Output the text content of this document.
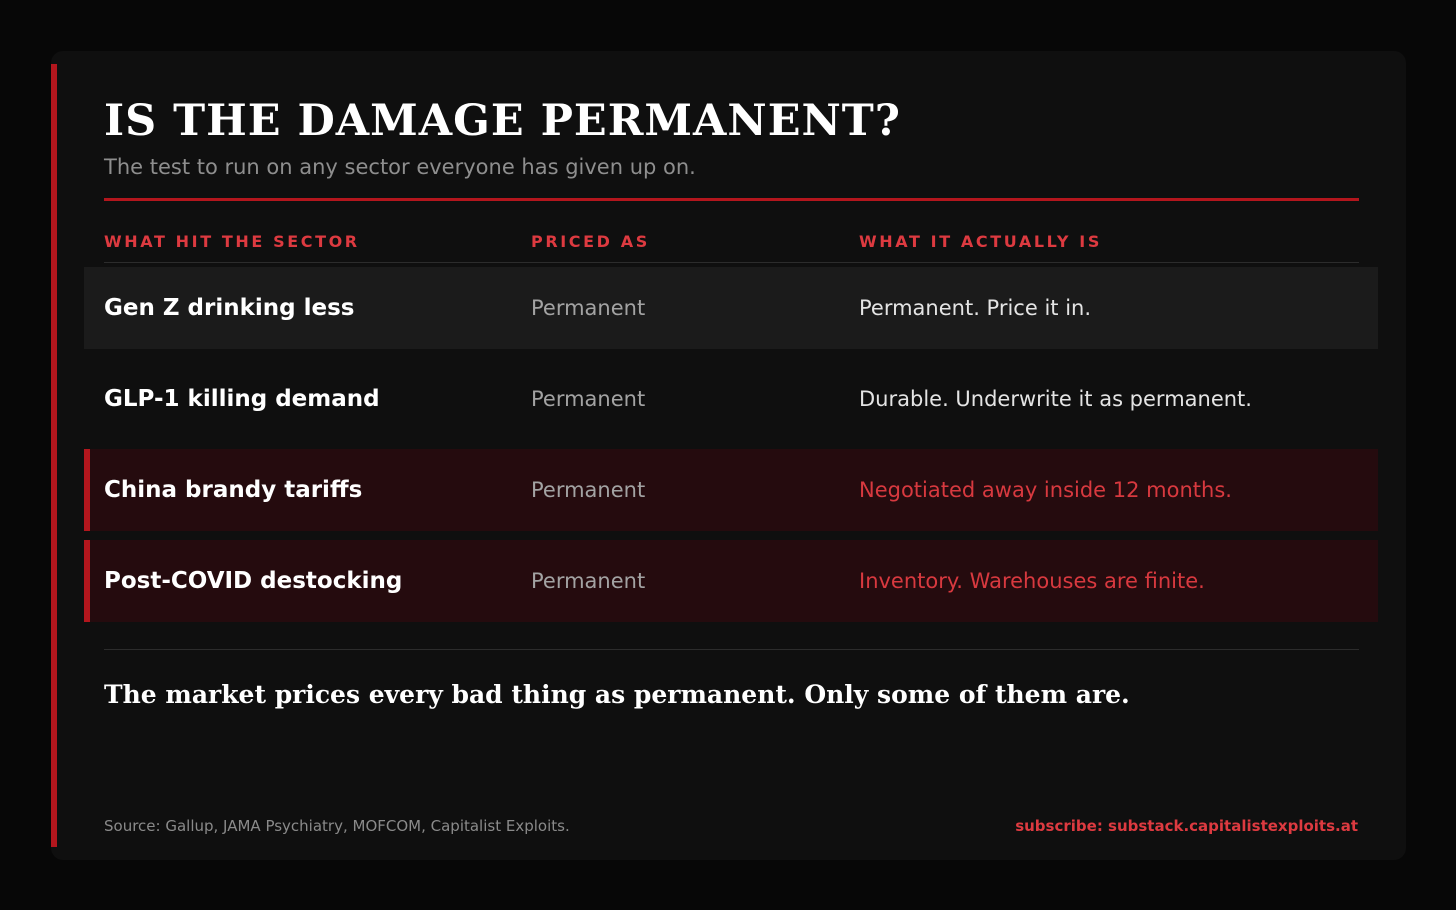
IS THE DAMAGE PERMANENT?
The test to run on any sector everyone has given up on.
WHAT HIT THE SECTOR	PRICED AS	WHAT IT ACTUALLY IS
Gen Z drinking less	Permanent	Permanent. Price it in.
GLP-1 killing demand	Permanent	Durable. Underwrite it as permanent.
China brandy tariffs	Permanent	Negotiated away inside 12 months.
Post-COVID destocking	Permanent	Inventory. Warehouses are finite.
The market prices every bad thing as permanent. Only some of them are.
Source: Gallup, JAMA Psychiatry, MOFCOM, Capitalist Exploits.	subscribe: substack.capitalistexploits.at
